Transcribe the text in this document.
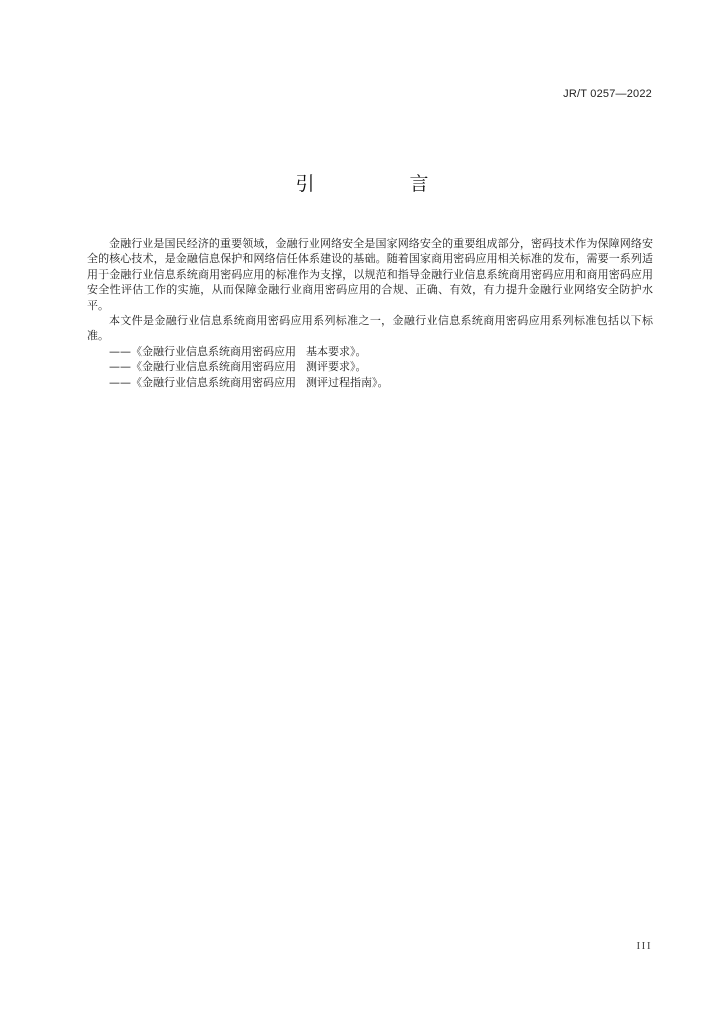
JR/T 0257—2022
引　言

金融行业是国民经济的重要领域，金融行业网络安全是国家网络安全的重要组成部分，密码技术作为保障网络安全的核心技术，是金融信息保护和网络信任体系建设的基础。随着国家商用密码应用相关标准的发布，需要一系列适用于金融行业信息系统商用密码应用的标准作为支撑，以规范和指导金融行业信息系统商用密码应用和商用密码应用安全性评估工作的实施，从而保障金融行业商用密码应用的合规、正确、有效，有力提升金融行业网络安全防护水平。

本文件是金融行业信息系统商用密码应用系列标准之一，金融行业信息系统商用密码应用系列标准包括以下标准。

——《金融行业信息系统商用密码应用 基本要求》。
——《金融行业信息系统商用密码应用 测评要求》。
——《金融行业信息系统商用密码应用 测评过程指南》。
III
